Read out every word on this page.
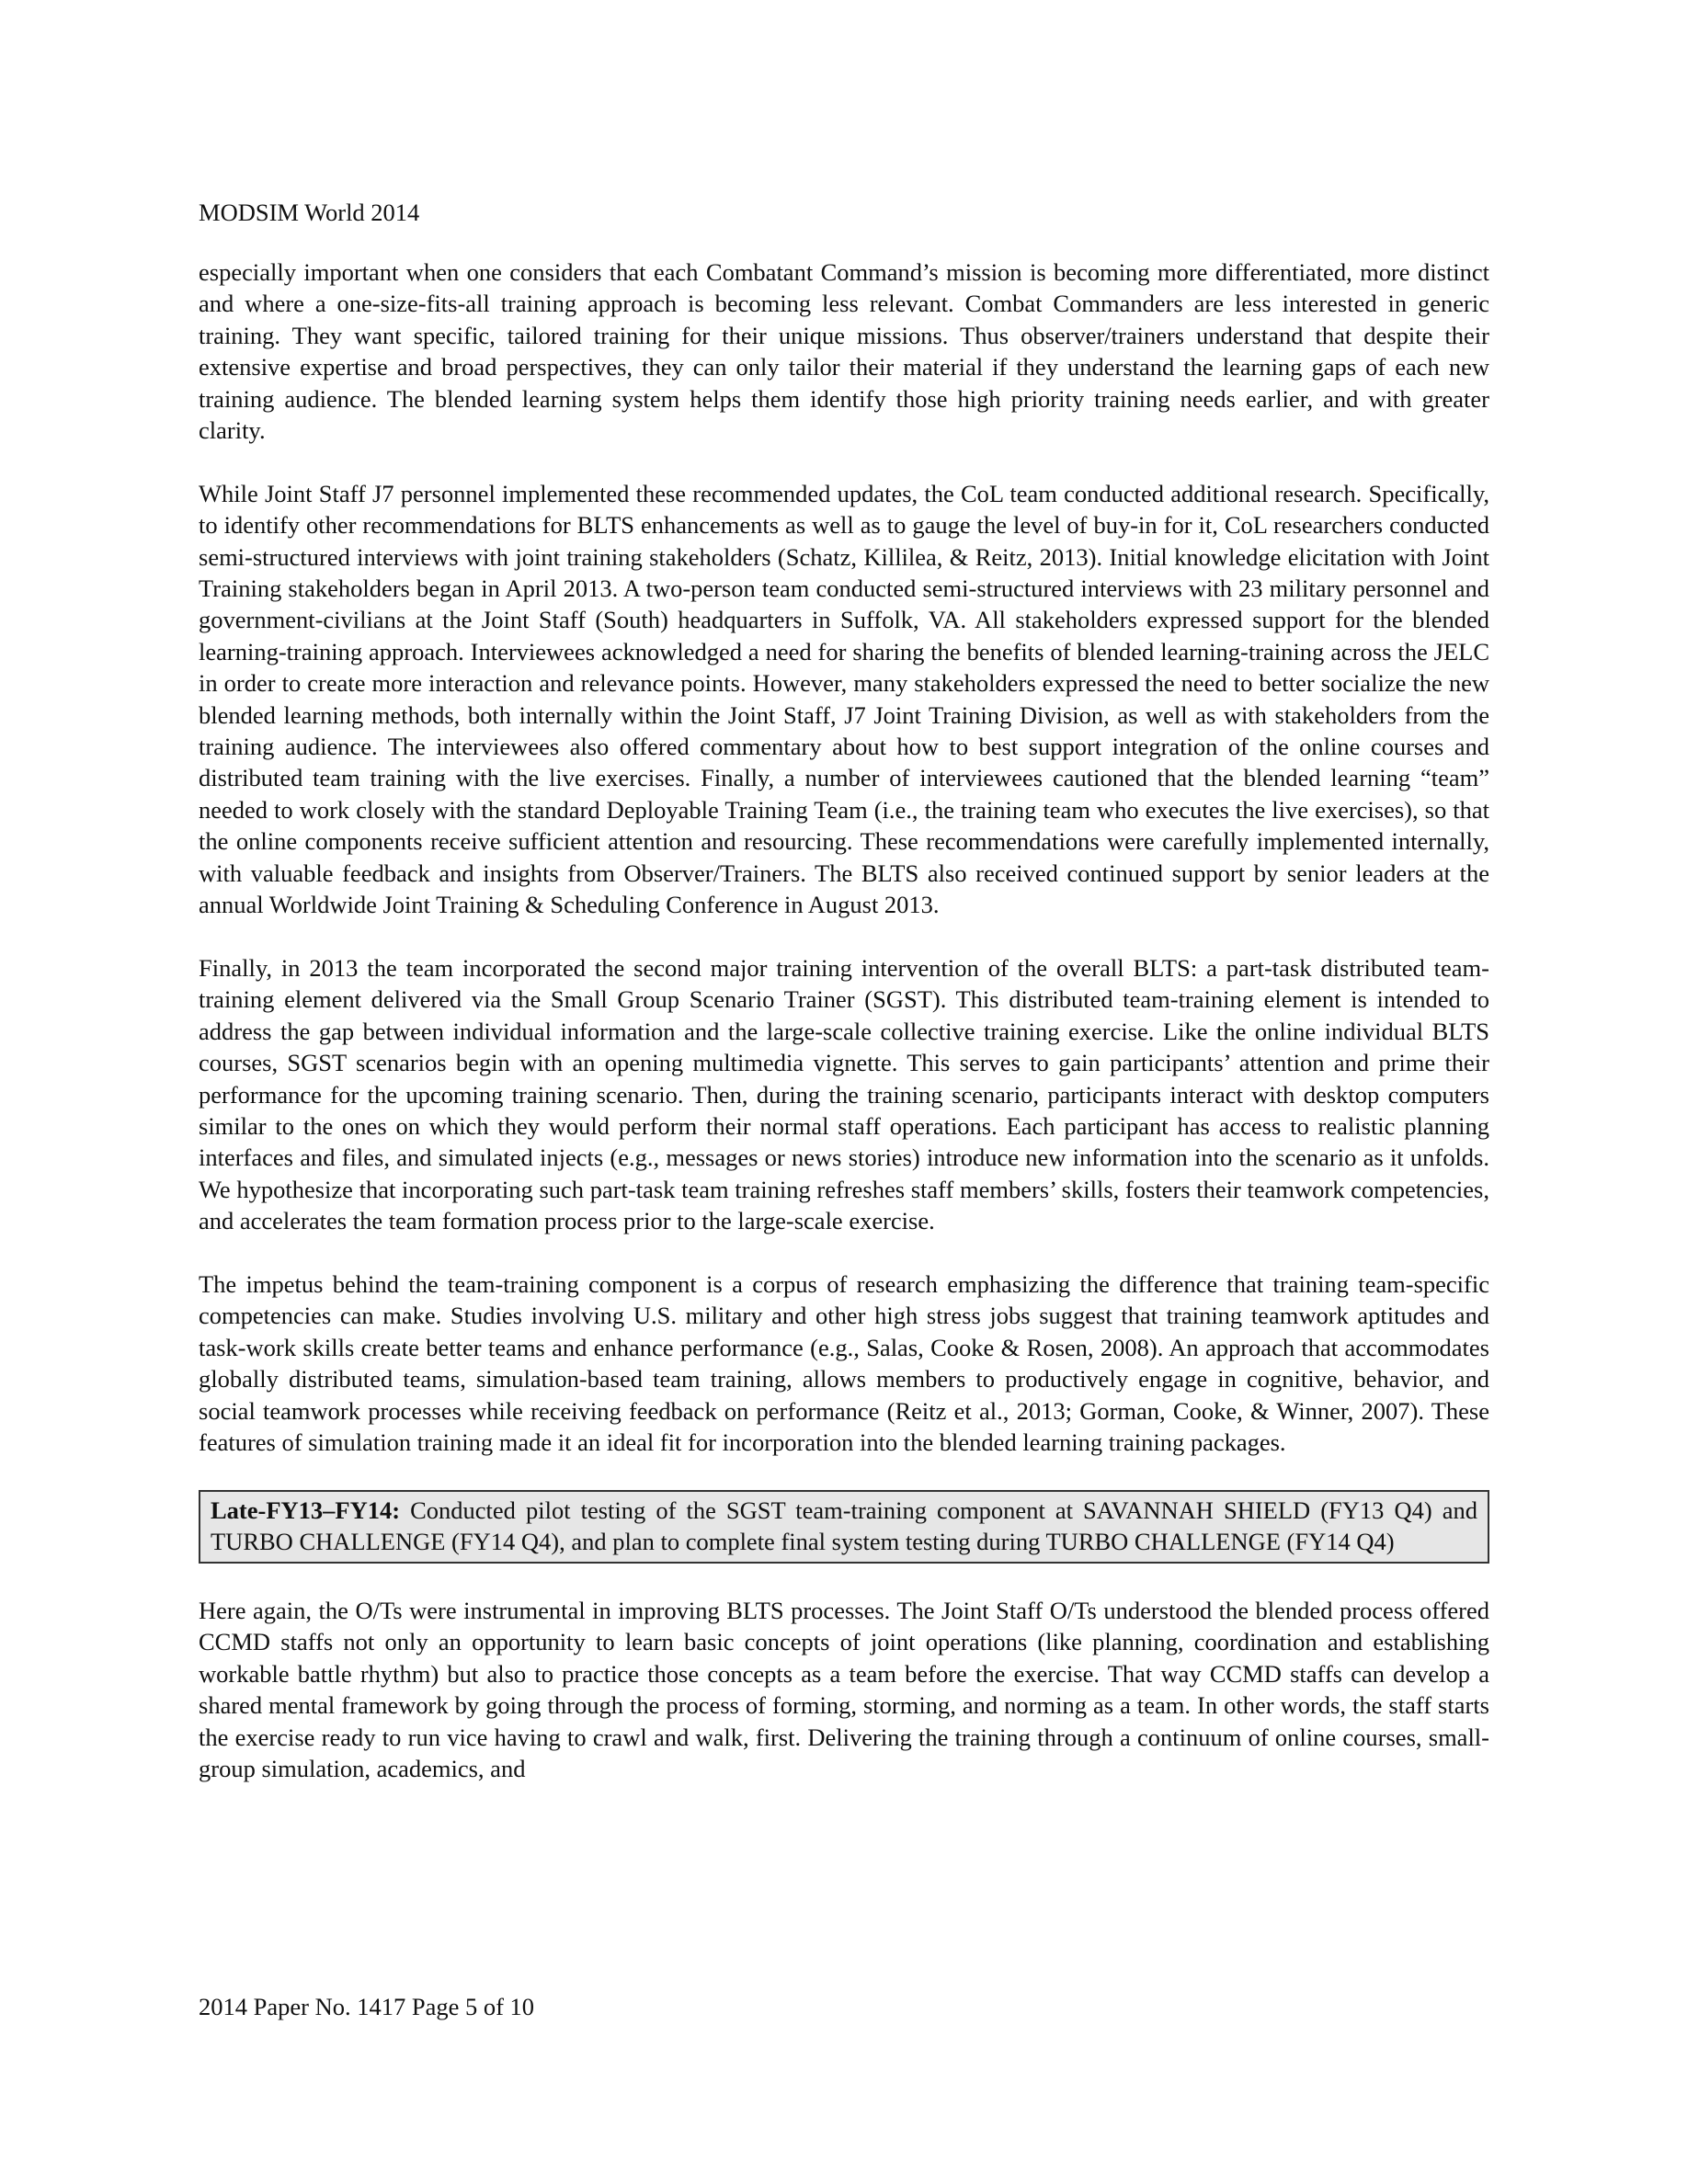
MODSIM World 2014

especially important when one considers that each Combatant Command’s mission is becoming more differentiated, more distinct and where a one-size-fits-all training approach is becoming less relevant. Combat Commanders are less interested in generic training. They want specific, tailored training for their unique missions. Thus observer/trainers understand that despite their extensive expertise and broad perspectives, they can only tailor their material if they understand the learning gaps of each new training audience. The blended learning system helps them identify those high priority training needs earlier, and with greater clarity.

While Joint Staff J7 personnel implemented these recommended updates, the CoL team conducted additional research. Specifically, to identify other recommendations for BLTS enhancements as well as to gauge the level of buy-in for it, CoL researchers conducted semi-structured interviews with joint training stakeholders (Schatz, Killilea, & Reitz, 2013). Initial knowledge elicitation with Joint Training stakeholders began in April 2013. A two-person team conducted semi-structured interviews with 23 military personnel and government-civilians at the Joint Staff (South) headquarters in Suffolk, VA. All stakeholders expressed support for the blended learning-training approach. Interviewees acknowledged a need for sharing the benefits of blended learning-training across the JELC in order to create more interaction and relevance points. However, many stakeholders expressed the need to better socialize the new blended learning methods, both internally within the Joint Staff, J7 Joint Training Division, as well as with stakeholders from the training audience. The interviewees also offered commentary about how to best support integration of the online courses and distributed team training with the live exercises. Finally, a number of interviewees cautioned that the blended learning “team” needed to work closely with the standard Deployable Training Team (i.e., the training team who executes the live exercises), so that the online components receive sufficient attention and resourcing. These recommendations were carefully implemented internally, with valuable feedback and insights from Observer/Trainers. The BLTS also received continued support by senior leaders at the annual Worldwide Joint Training & Scheduling Conference in August 2013.

Finally, in 2013 the team incorporated the second major training intervention of the overall BLTS: a part-task distributed team-training element delivered via the Small Group Scenario Trainer (SGST). This distributed team-training element is intended to address the gap between individual information and the large-scale collective training exercise. Like the online individual BLTS courses, SGST scenarios begin with an opening multimedia vignette. This serves to gain participants’ attention and prime their performance for the upcoming training scenario. Then, during the training scenario, participants interact with desktop computers similar to the ones on which they would perform their normal staff operations. Each participant has access to realistic planning interfaces and files, and simulated injects (e.g., messages or news stories) introduce new information into the scenario as it unfolds. We hypothesize that incorporating such part-task team training refreshes staff members’ skills, fosters their teamwork competencies, and accelerates the team formation process prior to the large-scale exercise.

The impetus behind the team-training component is a corpus of research emphasizing the difference that training team-specific competencies can make. Studies involving U.S. military and other high stress jobs suggest that training teamwork aptitudes and task-work skills create better teams and enhance performance (e.g., Salas, Cooke & Rosen, 2008). An approach that accommodates globally distributed teams, simulation-based team training, allows members to productively engage in cognitive, behavior, and social teamwork processes while receiving feedback on performance (Reitz et al., 2013; Gorman, Cooke, & Winner, 2007). These features of simulation training made it an ideal fit for incorporation into the blended learning training packages.

Late-FY13–FY14: Conducted pilot testing of the SGST team-training component at SAVANNAH SHIELD (FY13 Q4) and TURBO CHALLENGE (FY14 Q4), and plan to complete final system testing during TURBO CHALLENGE (FY14 Q4)

Here again, the O/Ts were instrumental in improving BLTS processes. The Joint Staff O/Ts understood the blended process offered CCMD staffs not only an opportunity to learn basic concepts of joint operations (like planning, coordination and establishing workable battle rhythm) but also to practice those concepts as a team before the exercise. That way CCMD staffs can develop a shared mental framework by going through the process of forming, storming, and norming as a team. In other words, the staff starts the exercise ready to run vice having to crawl and walk, first. Delivering the training through a continuum of online courses, small-group simulation, academics, and

2014 Paper No. 1417 Page 5 of 10
